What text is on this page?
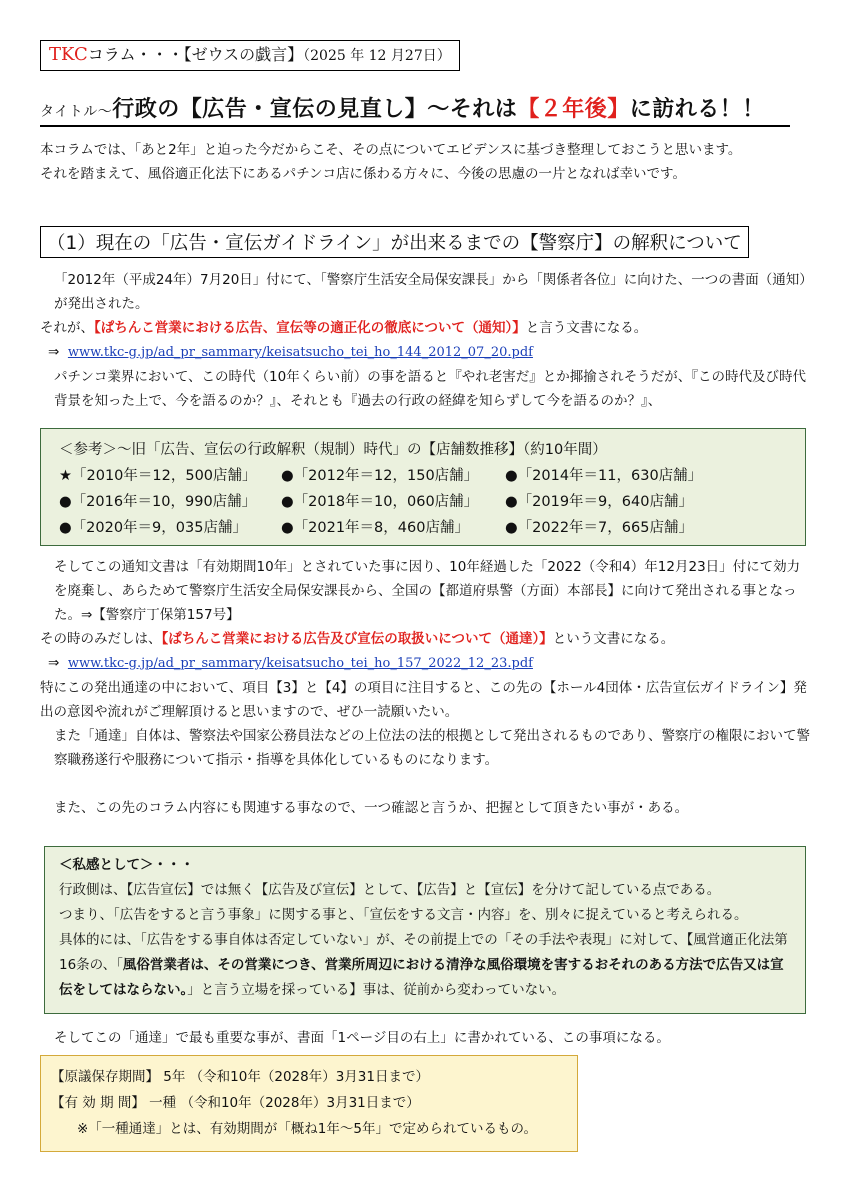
TKCコラム・・・【ゼウスの戯言】（2025 年 12 月27日）
タイトル～行政の【広告・宣伝の見直し】～それは【２年後】に訪れる！！
本コラムでは、「あと2年」と迫った今だからこそ、その点についてエビデンスに基づき整理しておこうと思います。
それを踏まえて、風俗適正化法下にあるパチンコ店に係わる方々に、今後の思慮の一片となれば幸いです。
（1）現在の「広告・宣伝ガイドライン」が出来るまでの【警察庁】の解釈について

「2012年（平成24年）7月20日」付にて、「警察庁生活安全局保安課長」から「関係者各位」に向けた、一つの書面（通知）が発出された。

それが、【ぱちんこ営業における広告、宣伝等の適正化の徹底について（通知）】と言う文書になる。

⇒ www.tkc-g.jp/ad_pr_sammary/keisatsucho_tei_ho_144_2012_07_20.pdf

パチンコ業界において、この時代（10年くらい前）の事を語ると『やれ老害だ』とか揶揄されそうだが、『この時代及び時代背景を知った上で、今を語るのか？』、それとも『過去の行政の経緯を知らずして今を語るのか？』、

＜参考＞～旧「広告、宣伝の行政解釈（規制）時代」の【店舗数推移】（約10年間）
★「2010年＝12，500店舗」	●「2012年＝12，150店舗」	●「2014年＝11，630店舗」
●「2016年＝10，990店舗」	●「2018年＝10，060店舗」	●「2019年＝9，640店舗」
●「2020年＝9，035店舗」	●「2021年＝8，460店舗」	●「2022年＝7，665店舗」

そしてこの通知文書は「有効期間10年」とされていた事に因り、10年経過した「2022（令和4）年12月23日」付にて効力を廃棄し、あらためて警察庁生活安全局保安課長から、全国の【都道府県警（方面）本部長】に向けて発出される事となった。⇒【警察庁丁保第157号】

その時のみだしは、【ぱちんこ営業における広告及び宣伝の取扱いについて（通達）】という文書になる。

⇒ www.tkc-g.jp/ad_pr_sammary/keisatsucho_tei_ho_157_2022_12_23.pdf

特にこの発出通達の中において、項目【3】と【4】の項目に注目すると、この先の【ホール4団体・広告宣伝ガイドライン】発出の意図や流れがご理解頂けると思いますので、ぜひ一読願いたい。

また「通達」自体は、警察法や国家公務員法などの上位法の法的根拠として発出されるものであり、警察庁の権限において警察職務遂行や服務について指示・指導を具体化しているものになります。

また、この先のコラム内容にも関連する事なので、一つ確認と言うか、把握として頂きたい事が・ある。

＜私感として＞・・・
行政側は、【広告宣伝】では無く【広告及び宣伝】として、【広告】と【宣伝】を分けて記している点である。
つまり、「広告をすると言う事象」に関する事と、「宣伝をする文言・内容」を、別々に捉えていると考えられる。
具体的には、「広告をする事自体は否定していない」が、その前提上での「その手法や表現」に対して、【風営適正化法第16条の、「風俗営業者は、その営業につき、営業所周辺における清浄な風俗環境を害するおそれのある方法で広告又は宣伝をしてはならない。」と言う立場を採っている】事は、従前から変わっていない。

そしてこの「通達」で最も重要な事が、書面「1ページ目の右上」に書かれている、この事項になる。

【原議保存期間】 5年 （令和10年（2028年）3月31日まで）
【有 効 期 間】 一種 （令和10年（2028年）3月31日まで）
※「一種通達」とは、有効期間が「概ね1年～5年」で定められているもの。
